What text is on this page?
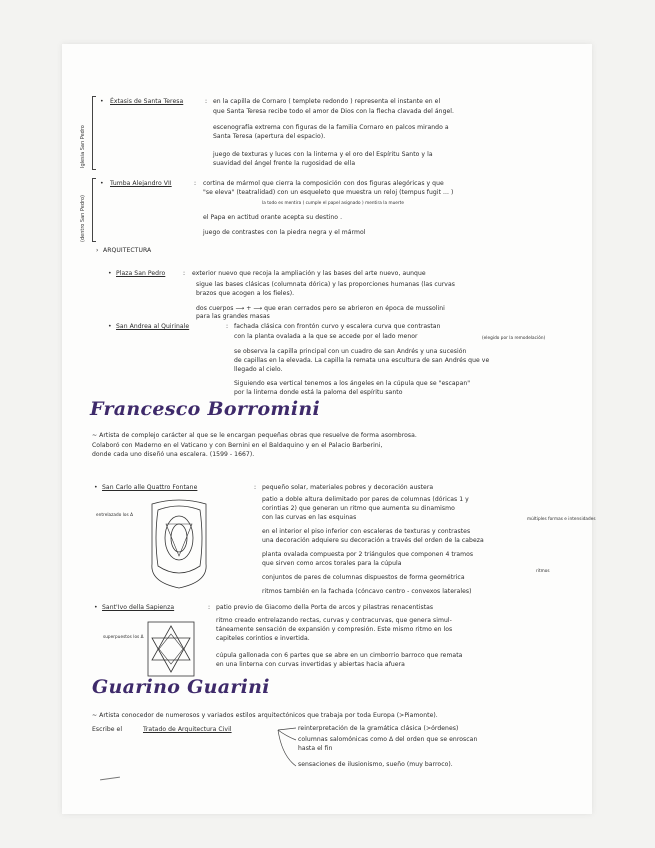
Iglesia San Pedro
(dentro San Pedro)
• Éxtasis de Santa Teresa	: en la capilla de Cornaro ( templete redondo ) representa el instante en el
que Santa Teresa recibe todo el amor de Dios con la flecha clavada del ángel.
escenografía extrema con figuras de la familia Cornaro en palcos mirando a
Santa Teresa (apertura del espacio).
juego de texturas y luces con la linterna y el oro del Espíritu Santo y la
suavidad del ángel frente la rugosidad de ella
• Tumba Alejandro VII	: cortina de mármol que cierra la composición con dos figuras alegóricas y que
"se eleva" (teatralidad) con un esqueleto que muestra un reloj (tempus fugit ... )
la todo es mentira ( cumple el papel asignado ) mentira la muerte
el Papa en actitud orante acepta su destino .
juego de contrastes con la piedra negra y el mármol
› ARQUITECTURA
• Plaza San Pedro	: exterior nuevo que recoja la ampliación y las bases del arte nuevo, aunque
sigue las bases clásicas (columnata dórica) y las proporciones humanas (las curvas
brazos que acogen a los fieles).
dos cuerpos ⟶ + ⟶ que eran cerrados pero se abrieron en época de mussolini
para las grandes masas
• San Andrea al Quirinale	: fachada clásica con frontón curvo y escalera curva que contrastan
con la planta ovalada a la que se accede por el lado menor	(elegido por la remodelación)
se observa la capilla principal con un cuadro de san Andrés y una sucesión
de capillas en la elevada. La capilla la remata una escultura de san Andrés que ve
llegado al cielo.
Siguiendo esa vertical tenemos a los ángeles en la cúpula que se "escapan"
por la linterna donde está la paloma del espíritu santo
Francesco Borromini
~ Artista de complejo carácter al que se le encargan pequeñas obras que resuelve de forma asombrosa.
Colaboró con Maderno en el Vaticano y con Bernini en el Baldaquino y en el Palacio Barberini,
donde cada uno diseñó una escalera. (1599 - 1667).
• San Carlo alle Quattro Fontane	: pequeño solar, materiales pobres y decoración austera
patio a doble altura delimitado por pares de columnas (dóricas 1 y
corintias 2) que generan un ritmo que aumenta su dinamismo
con las curvas en las esquinas
en el interior el piso inferior con escaleras de texturas y contrastes
una decoración adquiere su decoración a través del orden de la cabeza
planta ovalada compuesta por 2 triángulos que componen 4 tramos
que sirven como arcos torales para la cúpula
conjuntos de pares de columnas dispuestos de forma geométrica
ritmos también en la fachada (cóncavo centro - convexos laterales)
entrelazado los Δ
múltiples formas e intensidades
ritmos
• Sant'Ivo della Sapienza	: patio previo de Giacomo della Porta de arcos y pilastras renacentistas
ritmo creado entrelazando rectas, curvas y contracurvas, que genera simul-
táneamente sensación de expansión y compresión. Este mismo ritmo en los
capiteles corintios e invertida.
cúpula gallonada con 6 partes que se abre en un cimborrio barroco que remata
en una linterna con curvas invertidas y abiertas hacia afuera
superpuestos los Δ
Guarino Guarini
~ Artista conocedor de numerosos y variados estilos arquitectónicos que trabaja por toda Europa (>Piamonte).
Escribe el	Tratado de Arquitectura Civil	reinterpretación de la gramática clásica (>órdenes)
columnas salomónicas como Δ del orden que se enroscan
hasta el fin
sensaciones de ilusionismo, sueño (muy barroco).
